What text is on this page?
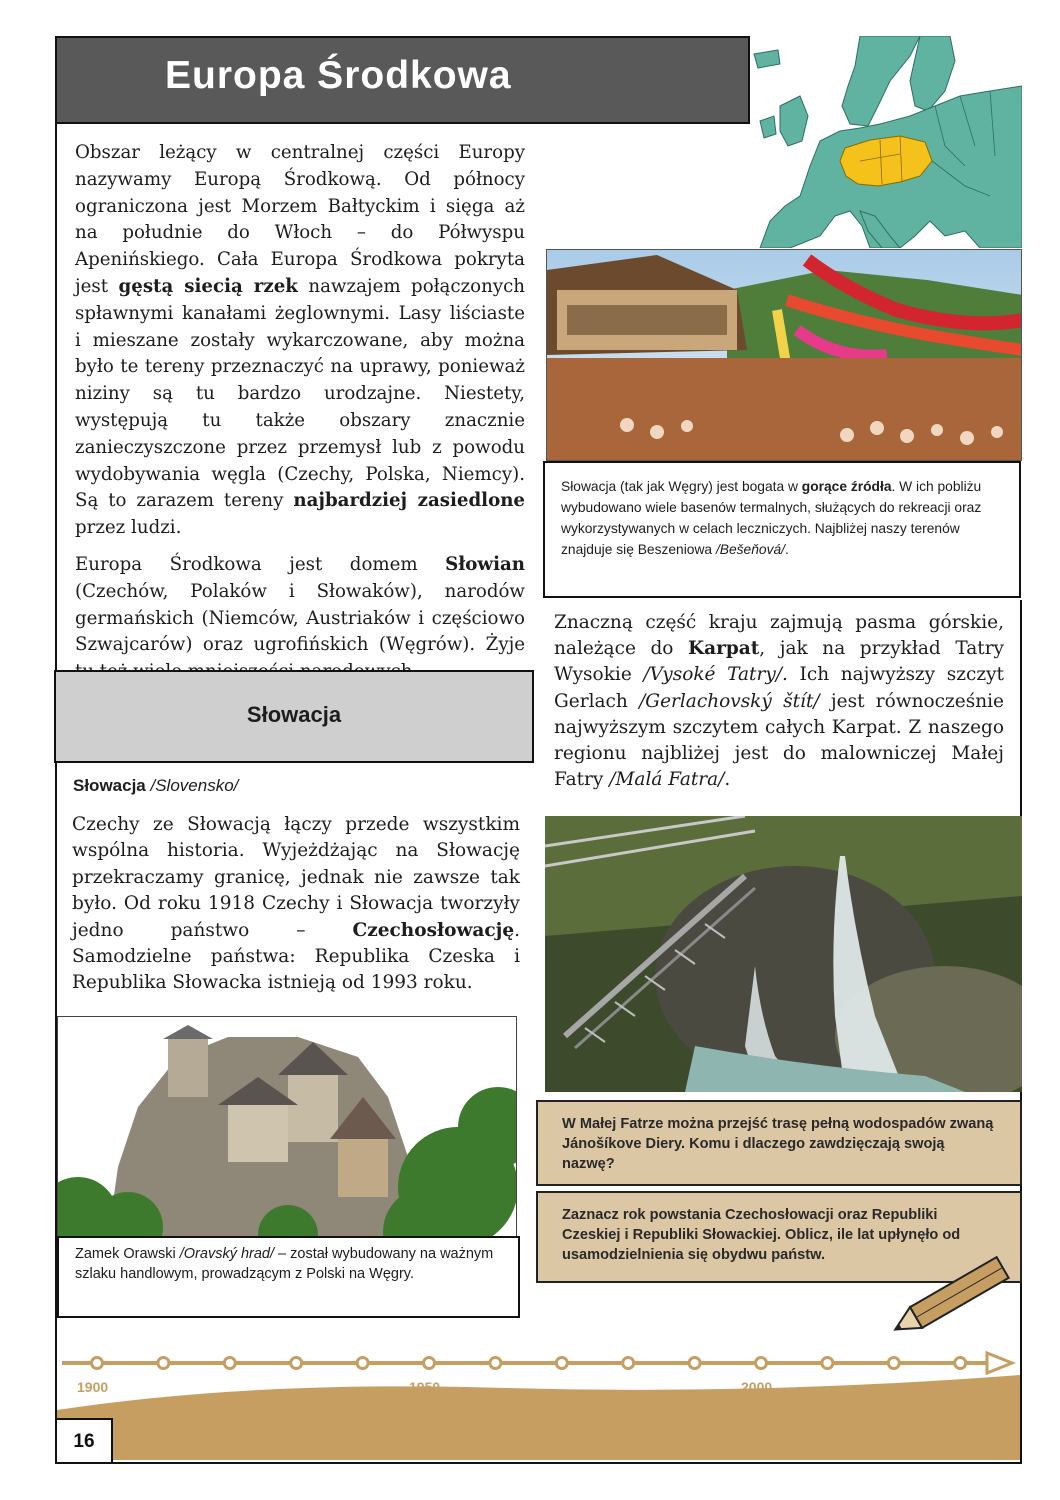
Europa Środkowa

Obszar leżący w centralnej części Europy nazywamy Europą Środkową. Od północy ograniczona jest Morzem Bałtyckim i sięga aż na południe do Włoch – do Półwyspu Apenińskiego. Cała Europa Środkowa pokryta jest gęstą siecią rzek nawzajem połączonych spławnymi kanałami żeglownymi. Lasy liściaste i mieszane zostały wykarczowane, aby można było te tereny przeznaczyć na uprawy, ponieważ niziny są tu bardzo urodzajne. Niestety, występują tu także obszary znacznie zanieczyszczone przez przemysł lub z powodu wydobywania węgla (Czechy, Polska, Niemcy). Są to zarazem tereny najbardziej zasiedlone przez ludzi.

Europa Środkowa jest domem Słowian (Czechów, Polaków i Słowaków), narodów germańskich (Niemców, Austriaków i częściowo Szwajcarów) oraz ugrofińskich (Węgrów). Żyje

Słowacja (tak jak Węgry) jest bogata w gorące źródła. W ich pobliżu wybudowano wiele basenów termalnych, służących do rekreacji oraz wykorzystywanych w celach leczniczych. Najbliżej naszy terenów znajduje się Beszeniowa /Bešeňová/.
Słowacja
Słowacja /Slovensko/
Czechy ze Słowacją łączy przede wszystkim wspólna historia. Wyjeżdżając na Słowację przekraczamy granicę, jednak nie zawsze tak było. Od roku 1918 Czechy i Słowacja tworzyły jedno państwo – Czechosłowację. Samodzielne państwa: Republika Czeska i Republika Słowacka istnieją od 1993 roku.
Znaczną część kraju zajmują pasma górskie, należące do Karpat, jak na przykład Tatry Wysokie /Vysoké Tatry/. Ich najwyższy szczyt Gerlach /Gerlachovský štít/ jest równocześnie najwyższym szczytem całych Karpat. Z naszego regionu najbliżej jest do malowniczej Małej Fatry /Malá Fatra/.
Zamek Orawski /Oravský hrad/ – został wybudowany na ważnym szlaku handlowym, prowadzącym z Polski na Węgry.
W Małej Fatrze można przejść trasę pełną wodospadów zwaną Jánošíkove Diery. Komu i dlaczego zawdzięczają swoją nazwę?
Zaznacz rok powstania Czechosłowacji oraz Republiki Czeskiej i Republiki Słowackiej. Oblicz, ile lat upłynęło od usamodzielnienia się obydwu państw.
1900	1950	2000
16
